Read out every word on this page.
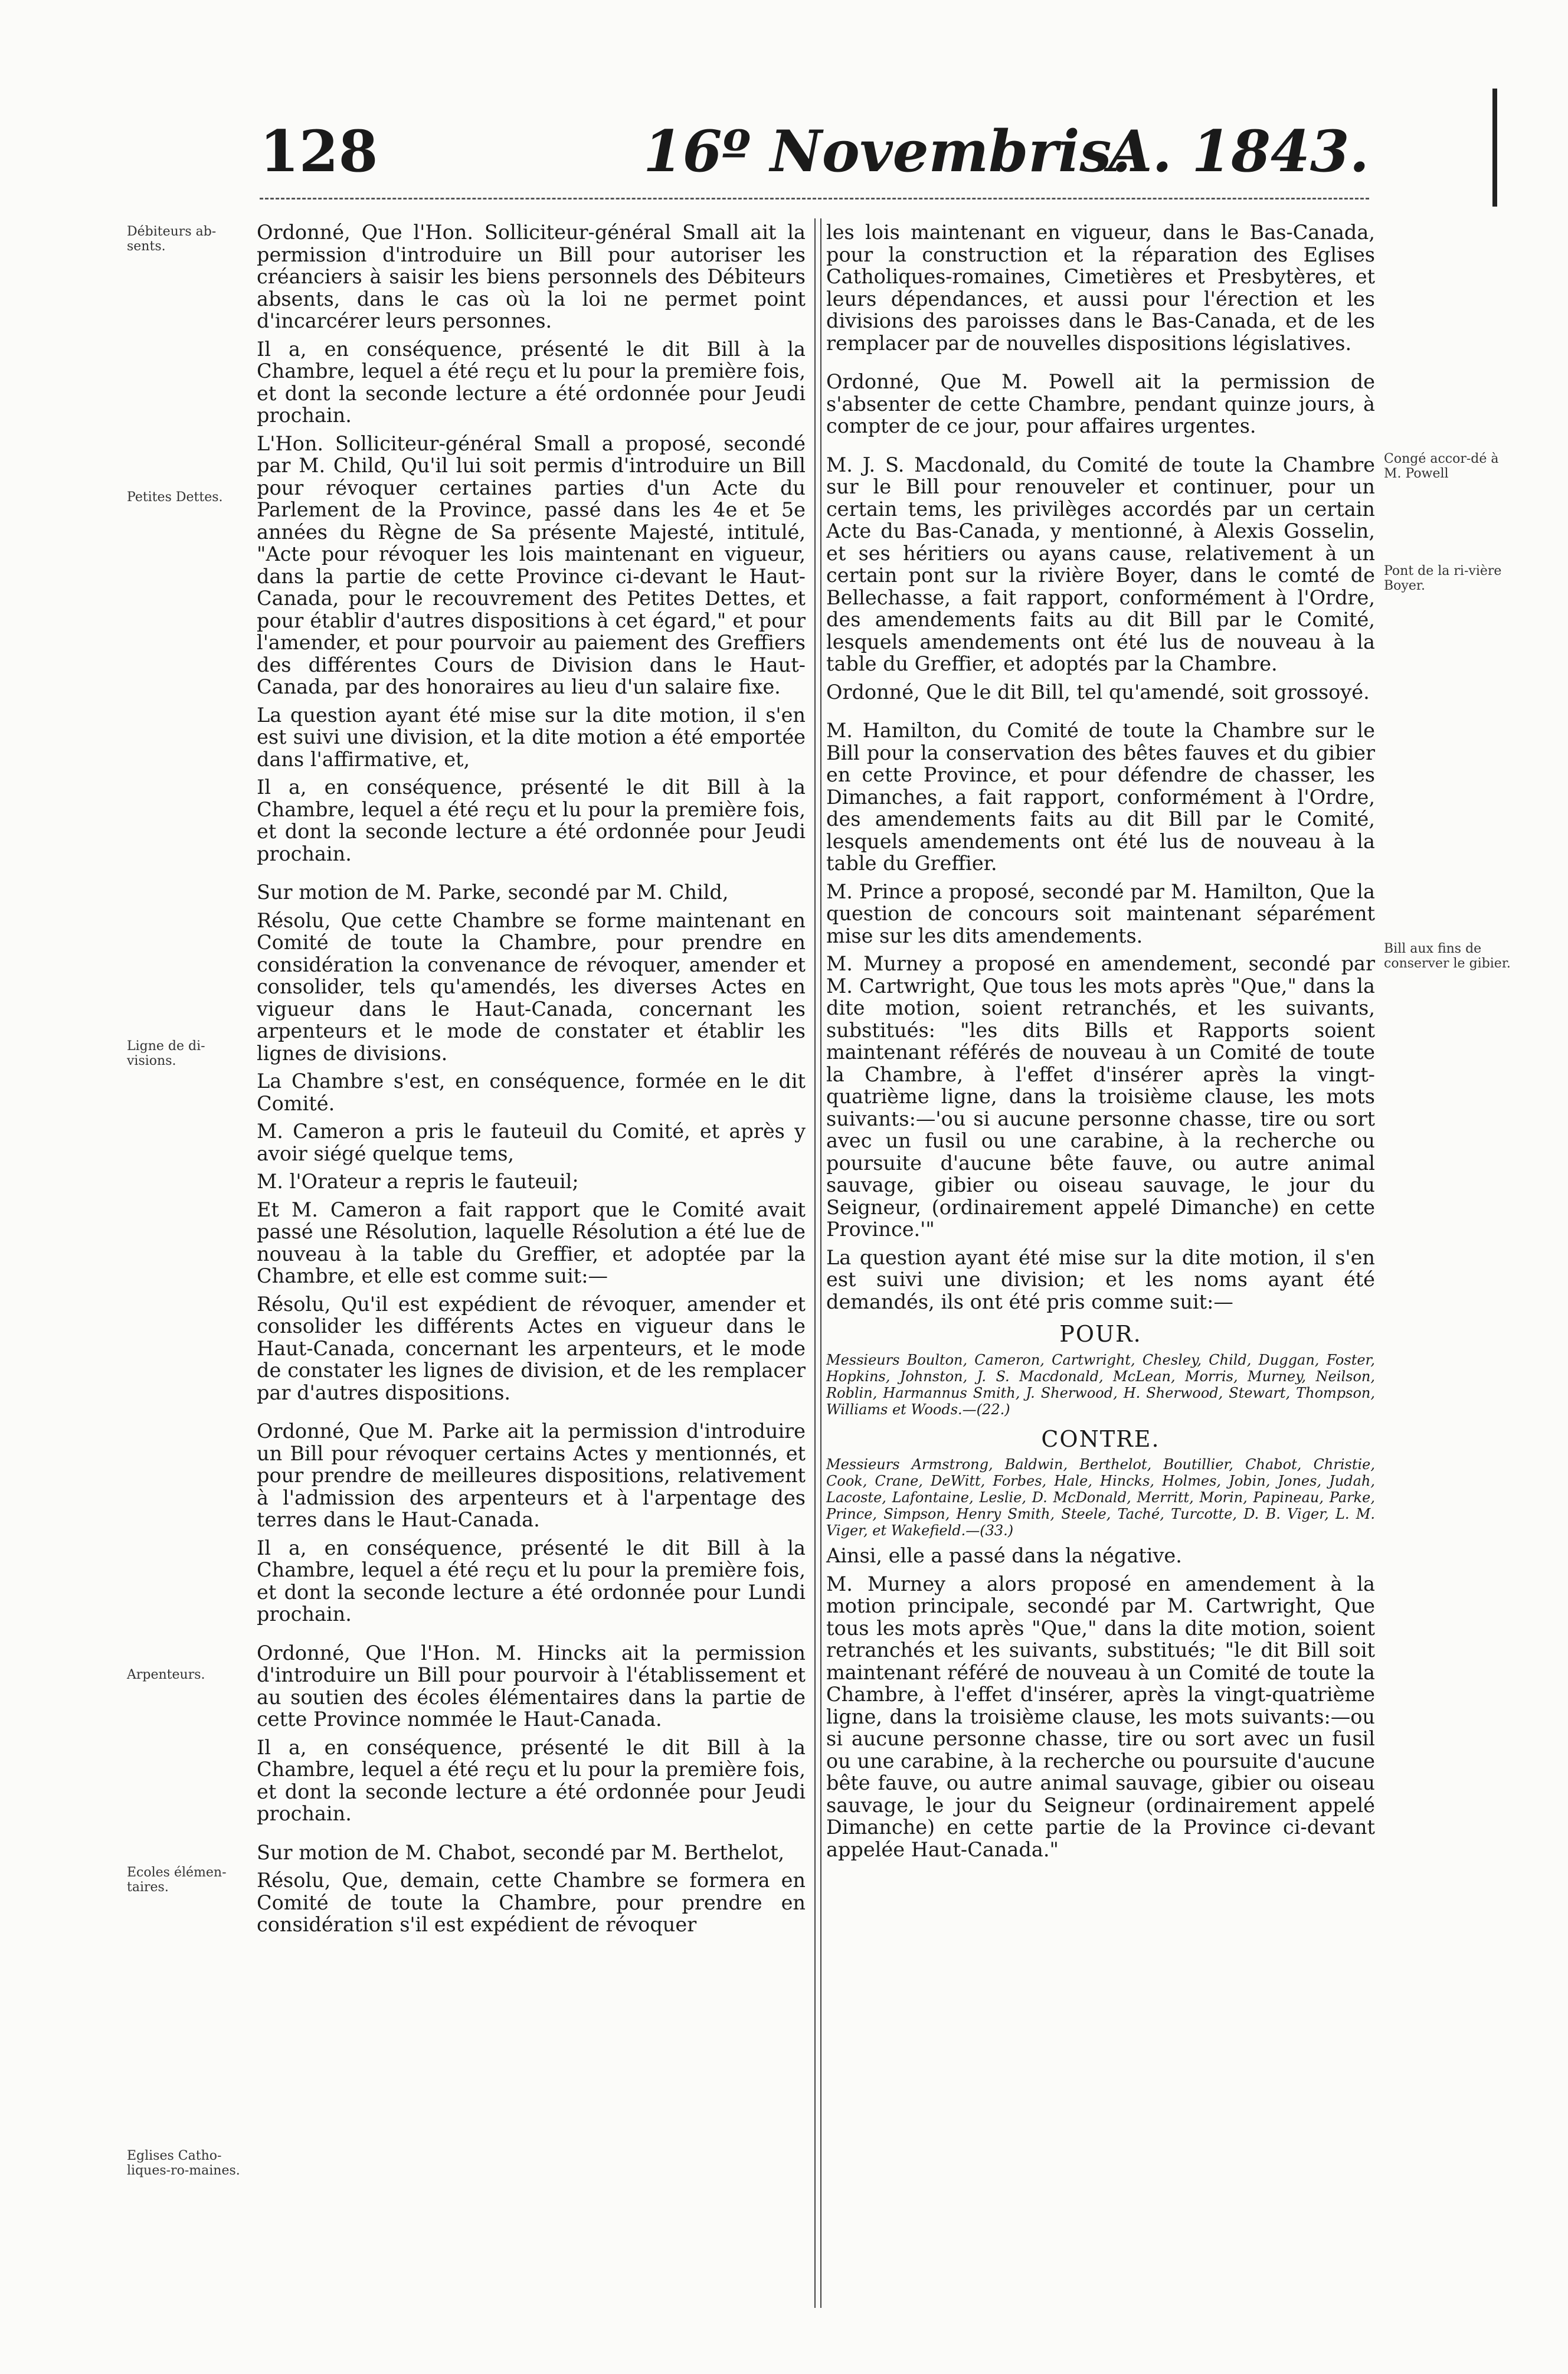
128	16º Novembris.
A. 1843.
Débiteurs ab-sents.
Petites Dettes.
Ligne de di-visions.
Arpenteurs.
Ecoles élémen-taires.
Eglises Catho-liques-ro-maines.
Congé accor-dé à M. Powell
Pont de la ri-vière Boyer.
Bill aux fins de conserver le gibier.

Ordonné, Que l'Hon. Solliciteur-général Small ait la permission d'introduire un Bill pour autoriser les créanciers à saisir les biens personnels des Débiteurs absents, dans le cas où la loi ne permet point d'incarcérer leurs personnes.

Il a, en conséquence, présenté le dit Bill à la Chambre, lequel a été reçu et lu pour la première fois, et dont la seconde lecture a été ordonnée pour Jeudi prochain.

L'Hon. Solliciteur-général Small a proposé, secondé par M. Child, Qu'il lui soit permis d'introduire un Bill pour révoquer certaines parties d'un Acte du Parlement de la Province, passé dans les 4e et 5e années du Règne de Sa présente Majesté, intitulé, "Acte pour révoquer les lois maintenant en vigueur, dans la partie de cette Province ci-devant le Haut-Canada, pour le recouvrement des Petites Dettes, et pour établir d'autres dispositions à cet égard," et pour l'amender, et pour pourvoir au paiement des Greffiers des différentes Cours de Division dans le Haut-Canada, par des honoraires au lieu d'un salaire fixe.

La question ayant été mise sur la dite motion, il s'en est suivi une division, et la dite motion a été emportée dans l'affirmative, et,

Il a, en conséquence, présenté le dit Bill à la Chambre, lequel a été reçu et lu pour la première fois, et dont la seconde lecture a été ordonnée pour Jeudi prochain.

Sur motion de M. Parke, secondé par M. Child,

Résolu, Que cette Chambre se forme maintenant en Comité de toute la Chambre, pour prendre en considération la convenance de révoquer, amender et consolider, tels qu'amendés, les diverses Actes en vigueur dans le Haut-Canada, concernant les arpenteurs et le mode de constater et établir les lignes de divisions.

La Chambre s'est, en conséquence, formée en le dit Comité.

M. Cameron a pris le fauteuil du Comité, et après y avoir siégé quelque tems,

M. l'Orateur a repris le fauteuil;

Et M. Cameron a fait rapport que le Comité avait passé une Résolution, laquelle Résolution a été lue de nouveau à la table du Greffier, et adoptée par la Chambre, et elle est comme suit:—

Résolu, Qu'il est expédient de révoquer, amender et consolider les différents Actes en vigueur dans le Haut-Canada, concernant les arpenteurs, et le mode de constater les lignes de division, et de les remplacer par d'autres dispositions.

Ordonné, Que M. Parke ait la permission d'introduire un Bill pour révoquer certains Actes y mentionnés, et pour prendre de meilleures dispositions, relativement à l'admission des arpenteurs et à l'arpentage des terres dans le Haut-Canada.

Il a, en conséquence, présenté le dit Bill à la Chambre, lequel a été reçu et lu pour la première fois, et dont la seconde lecture a été ordonnée pour Lundi prochain.

Ordonné, Que l'Hon. M. Hincks ait la permission d'introduire un Bill pour pourvoir à l'établissement et au soutien des écoles élémentaires dans la partie de cette Province nommée le Haut-Canada.

Il a, en conséquence, présenté le dit Bill à la Chambre, lequel a été reçu et lu pour la première fois, et dont la seconde lecture a été ordonnée pour Jeudi prochain.

Sur motion de M. Chabot, secondé par M. Berthelot,

Résolu, Que, demain, cette Chambre se formera en Comité de toute la Chambre, pour prendre en considération s'il est expédient de révoquer

les lois maintenant en vigueur, dans le Bas-Canada, pour la construction et la réparation des Eglises Catholiques-romaines, Cimetières et Presbytères, et leurs dépendances, et aussi pour l'érection et les divisions des paroisses dans le Bas-Canada, et de les remplacer par de nouvelles dispositions législatives.

Ordonné, Que M. Powell ait la permission de s'absenter de cette Chambre, pendant quinze jours, à compter de ce jour, pour affaires urgentes.

M. J. S. Macdonald, du Comité de toute la Chambre sur le Bill pour renouveler et continuer, pour un certain tems, les privilèges accordés par un certain Acte du Bas-Canada, y mentionné, à Alexis Gosselin, et ses héritiers ou ayans cause, relativement à un certain pont sur la rivière Boyer, dans le comté de Bellechasse, a fait rapport, conformément à l'Ordre, des amendements faits au dit Bill par le Comité, lesquels amendements ont été lus de nouveau à la table du Greffier, et adoptés par la Chambre.

Ordonné, Que le dit Bill, tel qu'amendé, soit grossoyé.

M. Hamilton, du Comité de toute la Chambre sur le Bill pour la conservation des bêtes fauves et du gibier en cette Province, et pour défendre de chasser, les Dimanches, a fait rapport, conformément à l'Ordre, des amendements faits au dit Bill par le Comité, lesquels amendements ont été lus de nouveau à la table du Greffier.

M. Prince a proposé, secondé par M. Hamilton, Que la question de concours soit maintenant séparément mise sur les dits amendements.

M. Murney a proposé en amendement, secondé par M. Cartwright, Que tous les mots après "Que," dans la dite motion, soient retranchés, et les suivants, substitués: "les dits Bills et Rapports soient maintenant référés de nouveau à un Comité de toute la Chambre, à l'effet d'insérer après la vingt-quatrième ligne, dans la troisième clause, les mots suivants:—'ou si aucune personne chasse, tire ou sort avec un fusil ou une carabine, à la recherche ou poursuite d'aucune bête fauve, ou autre animal sauvage, gibier ou oiseau sauvage, le jour du Seigneur, (ordinairement appelé Dimanche) en cette Province.'"

La question ayant été mise sur la dite motion, il s'en est suivi une division; et les noms ayant été demandés, ils ont été pris comme suit:—

POUR.

Messieurs Boulton, Cameron, Cartwright, Chesley, Child, Duggan, Foster, Hopkins, Johnston, J. S. Macdonald, McLean, Morris, Murney, Neilson, Roblin, Harmannus Smith, J. Sherwood, H. Sherwood, Stewart, Thompson, Williams et Woods.—(22.)

CONTRE.

Messieurs Armstrong, Baldwin, Berthelot, Boutillier, Chabot, Christie, Cook, Crane, DeWitt, Forbes, Hale, Hincks, Holmes, Jobin, Jones, Judah, Lacoste, Lafontaine, Leslie, D. McDonald, Merritt, Morin, Papineau, Parke, Prince, Simpson, Henry Smith, Steele, Taché, Turcotte, D. B. Viger, L. M. Viger, et Wakefield.—(33.)

Ainsi, elle a passé dans la négative.

M. Murney a alors proposé en amendement à la motion principale, secondé par M. Cartwright, Que tous les mots après "Que," dans la dite motion, soient retranchés et les suivants, substitués; "le dit Bill soit maintenant référé de nouveau à un Comité de toute la Chambre, à l'effet d'insérer, après la vingt-quatrième ligne, dans la troisième clause, les mots suivants:—ou si aucune personne chasse, tire ou sort avec un fusil ou une carabine, à la recherche ou poursuite d'aucune bête fauve, ou autre animal sauvage, gibier ou oiseau sauvage, le jour du Seigneur (ordinairement appelé Dimanche) en cette partie de la Province ci-devant appelée Haut-Canada."
